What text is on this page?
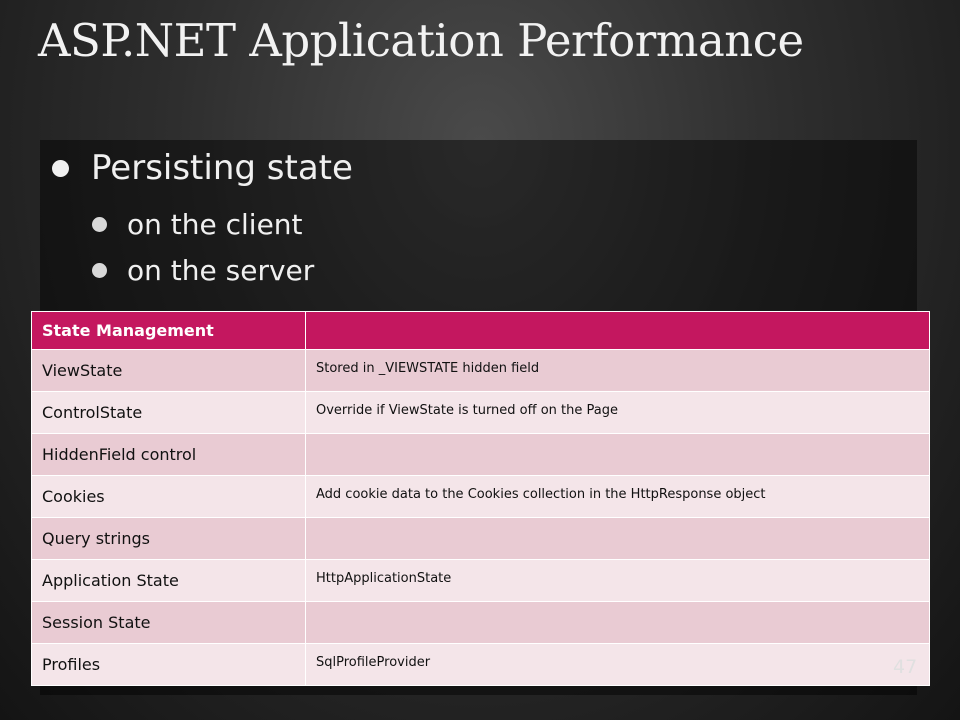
ASP.NET Application Performance
Persisting state
on the client
on the server
State Management	
ViewState	Stored in _VIEWSTATE hidden field
ControlState	Override if ViewState is turned off on the Page
HiddenField control	
Cookies	Add cookie data to the Cookies collection in the HttpResponse object
Query strings	
Application State	HttpApplicationState
Session State	
Profiles	SqlProfileProvider	47
